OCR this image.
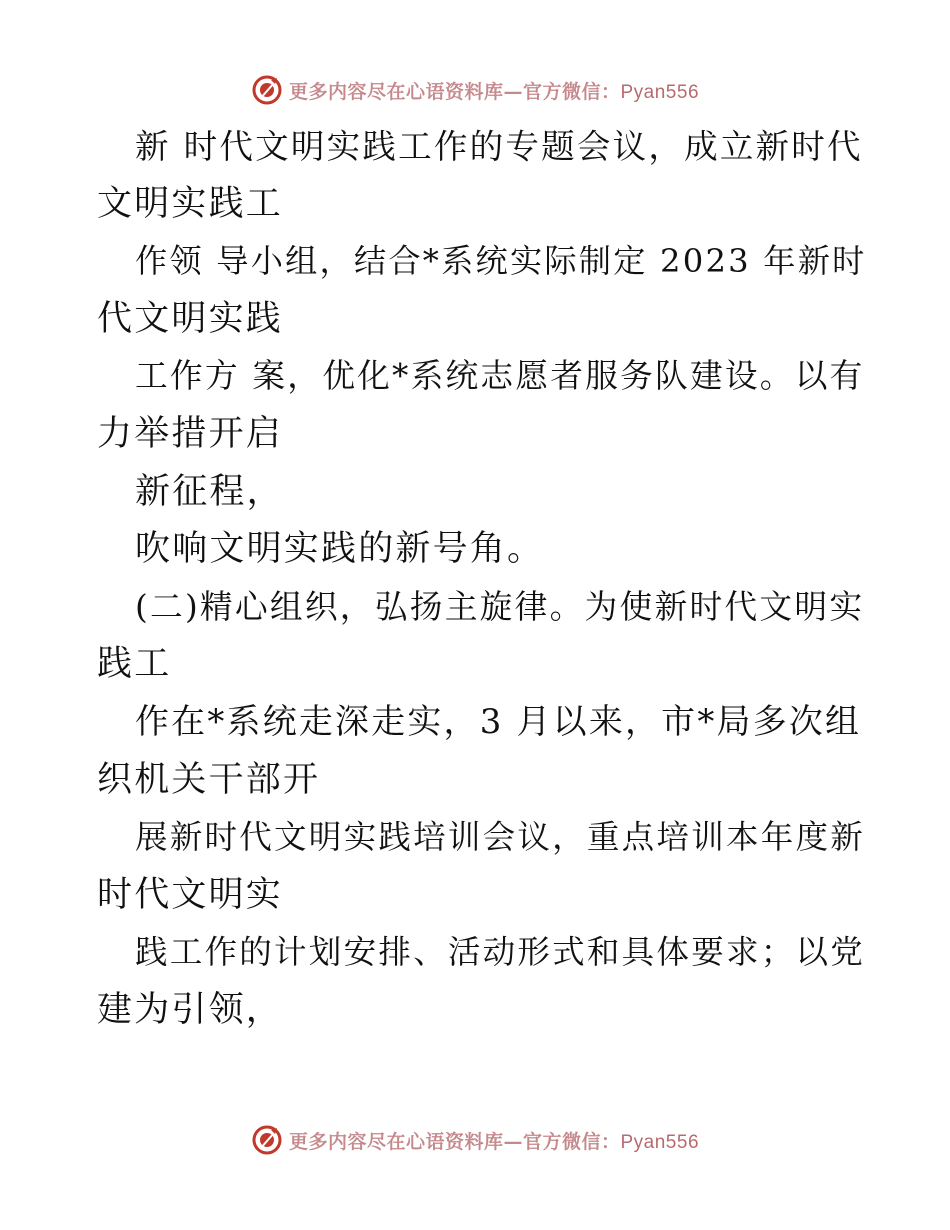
更多内容尽在心语资料库—官方微信：Pyan556
新 时代文明实践工作的专题会议，成立新时代
文明实践工
作领 导小组，结合*系统实际制定 2023 年新时
代文明实践
工作方 案，优化*系统志愿者服务队建设。以有
力举措开启
新征程，
吹响文明实践的新号角。
(二)精心组织，弘扬主旋律。为使新时代文明实
践工
作在*系统走深走实，3 月以来，市*局多次组
织机关干部开
展新时代文明实践培训会议，重点培训本年度新
时代文明实
践工作的计划安排、活动形式和具体要求；以党
建为引领，
更多内容尽在心语资料库—官方微信：Pyan556
